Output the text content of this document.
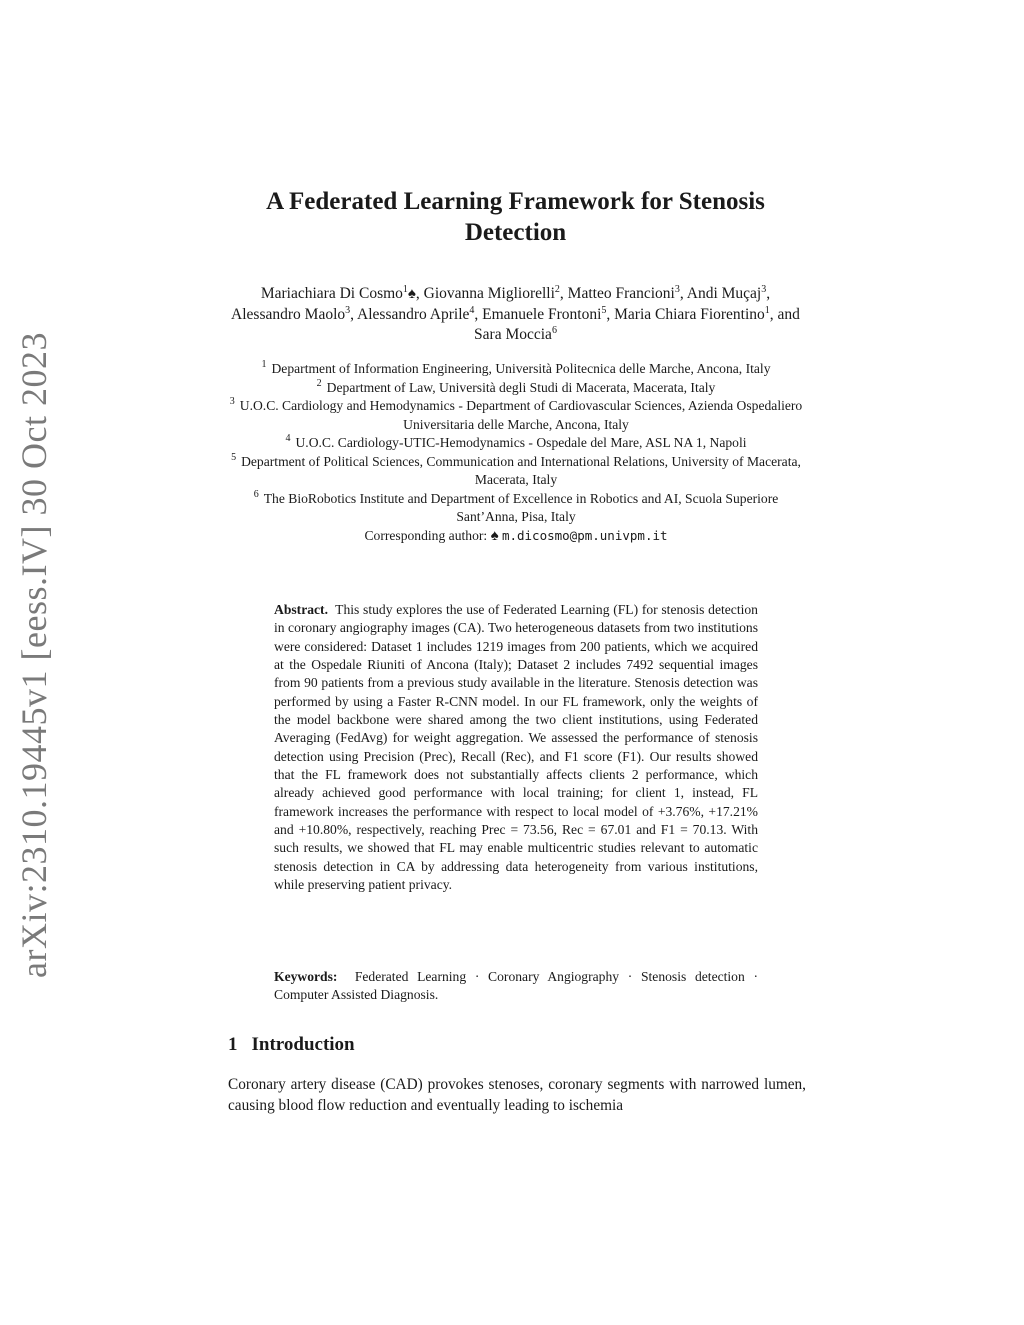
arXiv:2310.19445v1 [eess.IV] 30 Oct 2023
A Federated Learning Framework for Stenosis Detection

Mariachiara Di Cosmo$^1$♠, Giovanna Migliorelli$^2$, Matteo Francioni$^3$, Andi Muçaj$^3$, Alessandro Maolo$^3$, Alessandro Aprile$^4$, Emanuele Frontoni$^5$, Maria Chiara Fiorentino$^1$, and Sara Moccia$^6$

$^1$ Department of Information Engineering, Università Politecnica delle Marche, Ancona, Italy

$^2$ Department of Law, Università degli Studi di Macerata, Macerata, Italy

$^3$ U.O.C. Cardiology and Hemodynamics - Department of Cardiovascular Sciences, Azienda Ospedaliero Universitaria delle Marche, Ancona, Italy

$^4$ U.O.C. Cardiology-UTIC-Hemodynamics - Ospedale del Mare, ASL NA 1, Napoli

$^5$ Department of Political Sciences, Communication and International Relations, University of Macerata, Macerata, Italy

$^6$ The BioRobotics Institute and Department of Excellence in Robotics and AI, Scuola Superiore Sant’Anna, Pisa, Italy

Corresponding author: ♠ m.dicosmo@pm.univpm.it

Abstract. This study explores the use of Federated Learning (FL) for stenosis detection in coronary angiography images (CA). Two heterogeneous datasets from two institutions were considered: Dataset 1 includes 1219 images from 200 patients, which we acquired at the Ospedale Riuniti of Ancona (Italy); Dataset 2 includes 7492 sequential images from 90 patients from a previous study available in the literature. Stenosis detection was performed by using a Faster R-CNN model. In our FL framework, only the weights of the model backbone were shared among the two client institutions, using Federated Averaging (FedAvg) for weight aggregation. We assessed the performance of stenosis detection using Precision (Prec), Recall (Rec), and F1 score (F1). Our results showed that the FL framework does not substantially affects clients 2 performance, which already achieved good performance with local training; for client 1, instead, FL framework increases the performance with respect to local model of +3.76%, +17.21% and +10.80%, respectively, reaching Prec = 73.56, Rec = 67.01 and F1 = 70.13. With such results, we showed that FL may enable multicentric studies relevant to automatic stenosis detection in CA by addressing data heterogeneity from various institutions, while preserving patient privacy.

Keywords: Federated Learning · Coronary Angiography · Stenosis detection · Computer Assisted Diagnosis.

1 Introduction

Coronary artery disease (CAD) provokes stenoses, coronary segments with narrowed lumen, causing blood flow reduction and eventually leading to ischemia
